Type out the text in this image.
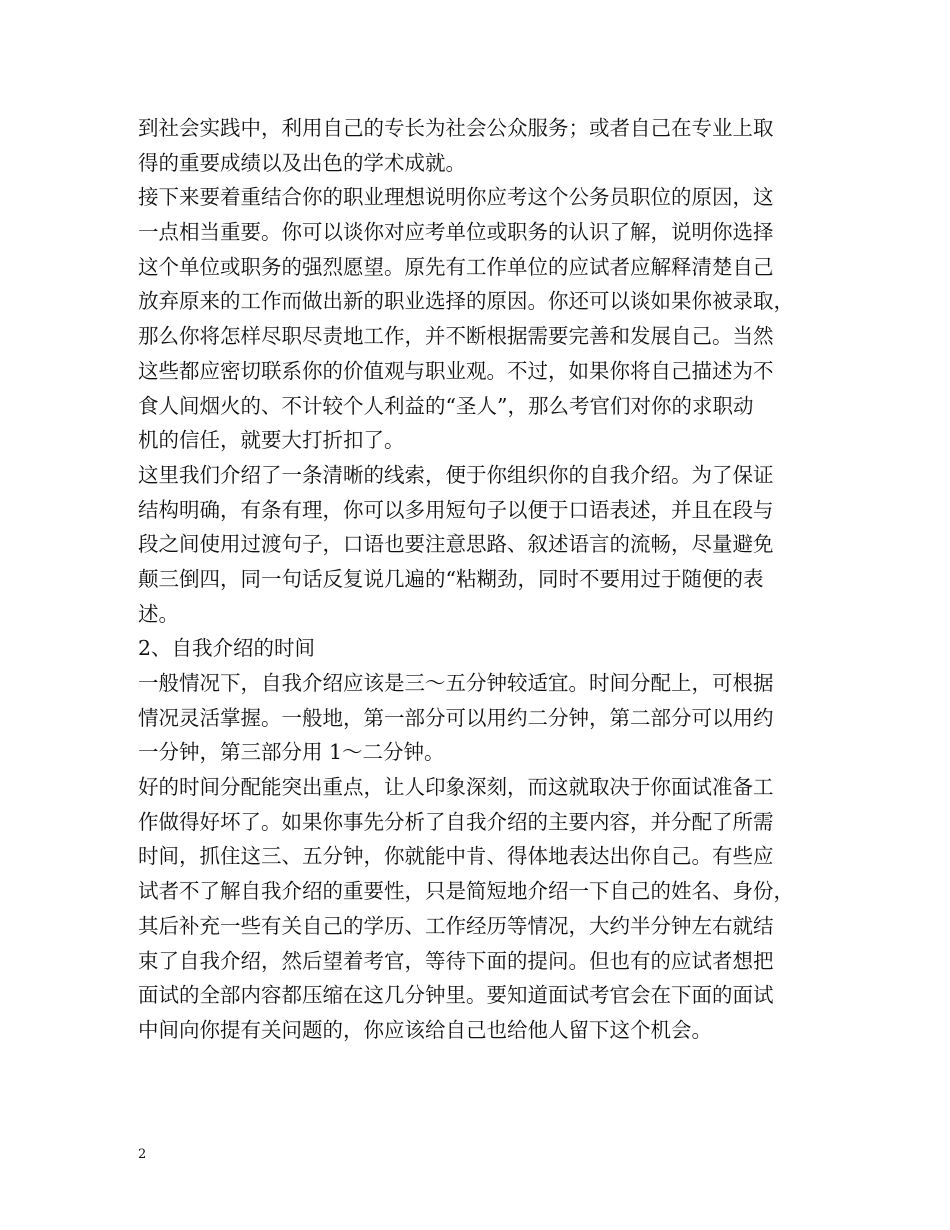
到社会实践中，利用自己的专长为社会公众服务；或者自己在专业上取
得的重要成绩以及出色的学术成就。
接下来要着重结合你的职业理想说明你应考这个公务员职位的原因，这
一点相当重要。你可以谈你对应考单位或职务的认识了解，说明你选择
这个单位或职务的强烈愿望。原先有工作单位的应试者应解释清楚自己
放弃原来的工作而做出新的职业选择的原因。你还可以谈如果你被录取，
那么你将怎样尽职尽责地工作，并不断根据需要完善和发展自己。当然
这些都应密切联系你的价值观与职业观。不过，如果你将自己描述为不
食人间烟火的、不计较个人利益的“圣人”，那么考官们对你的求职动
机的信任，就要大打折扣了。
这里我们介绍了一条清晰的线索，便于你组织你的自我介绍。为了保证
结构明确，有条有理，你可以多用短句子以便于口语表述，并且在段与
段之间使用过渡句子，口语也要注意思路、叙述语言的流畅，尽量避免
颠三倒四，同一句话反复说几遍的“粘糊劲，同时不要用过于随便的表
述。
2、自我介绍的时间
一般情况下，自我介绍应该是三～五分钟较适宜。时间分配上，可根据
情况灵活掌握。一般地，第一部分可以用约二分钟，第二部分可以用约
一分钟，第三部分用 1～二分钟。
好的时间分配能突出重点，让人印象深刻，而这就取决于你面试准备工
作做得好坏了。如果你事先分析了自我介绍的主要内容，并分配了所需
时间，抓住这三、五分钟，你就能中肯、得体地表达出你自己。有些应
试者不了解自我介绍的重要性，只是简短地介绍一下自己的姓名、身份，
其后补充一些有关自己的学历、工作经历等情况，大约半分钟左右就结
束了自我介绍，然后望着考官，等待下面的提问。但也有的应试者想把
面试的全部内容都压缩在这几分钟里。要知道面试考官会在下面的面试
中间向你提有关问题的，你应该给自己也给他人留下这个机会。
2
